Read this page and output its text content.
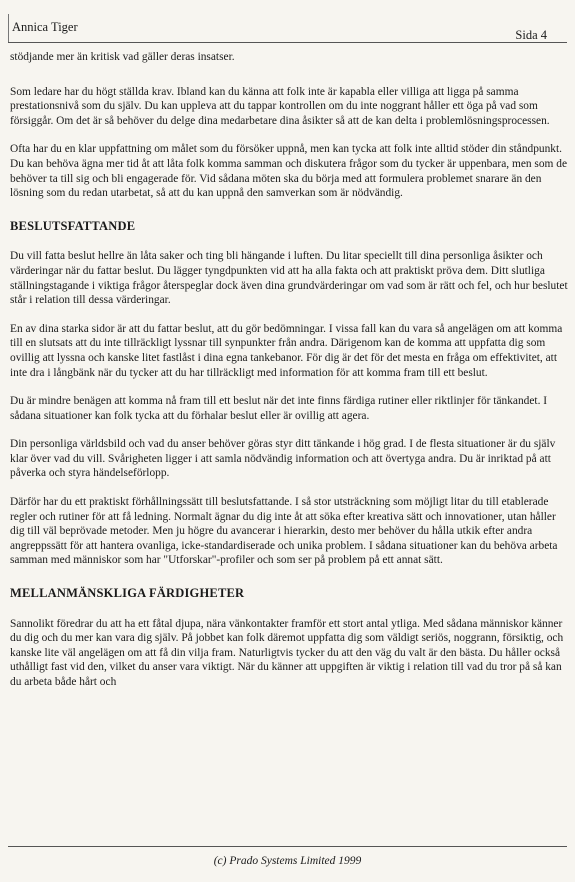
Annica Tiger
Sida 4

stödjande mer än kritisk vad gäller deras insatser.

Som ledare har du högt ställda krav. Ibland kan du känna att folk inte är kapabla eller villiga att ligga på samma prestationsnivå som du själv. Du kan uppleva att du tappar kontrollen om du inte noggrant håller ett öga på vad som försiggår. Om det är så behöver du delge dina medarbetare dina åsikter så att de kan delta i problemlösningsprocessen.

Ofta har du en klar uppfattning om målet som du försöker uppnå, men kan tycka att folk inte alltid stöder din ståndpunkt. Du kan behöva ägna mer tid åt att låta folk komma samman och diskutera frågor som du tycker är uppenbara, men som de behöver ta till sig och bli engagerade för. Vid sådana möten ska du börja med att formulera problemet snarare än den lösning som du redan utarbetat, så att du kan uppnå den samverkan som är nödvändig.

BESLUTSFATTANDE

Du vill fatta beslut hellre än låta saker och ting bli hängande i luften. Du litar speciellt till dina personliga åsikter och värderingar när du fattar beslut. Du lägger tyngdpunkten vid att ha alla fakta och att praktiskt pröva dem. Ditt slutliga ställningstagande i viktiga frågor återspeglar dock även dina grundvärderingar om vad som är rätt och fel, och hur beslutet står i relation till dessa värderingar.

En av dina starka sidor är att du fattar beslut, att du gör bedömningar. I vissa fall kan du vara så angelägen om att komma till en slutsats att du inte tillräckligt lyssnar till synpunkter från andra. Därigenom kan de komma att uppfatta dig som ovillig att lyssna och kanske litet fastlåst i dina egna tankebanor. För dig är det för det mesta en fråga om effektivitet, att inte dra i långbänk när du tycker att du har tillräckligt med information för att komma fram till ett beslut.

Du är mindre benägen att komma nå fram till ett beslut när det inte finns färdiga rutiner eller riktlinjer för tänkandet. I sådana situationer kan folk tycka att du förhalar beslut eller är ovillig att agera.

Din personliga världsbild och vad du anser behöver göras styr ditt tänkande i hög grad. I de flesta situationer är du själv klar över vad du vill. Svårigheten ligger i att samla nödvändig information och att övertyga andra. Du är inriktad på att påverka och styra händelseförlopp.

Därför har du ett praktiskt förhållningssätt till beslutsfattande. I så stor utsträckning som möjligt litar du till etablerade regler och rutiner för att få ledning. Normalt ägnar du dig inte åt att söka efter kreativa sätt och innovationer, utan håller dig till väl beprövade metoder. Men ju högre du avancerar i hierarkin, desto mer behöver du hålla utkik efter andra angreppssätt för att hantera ovanliga, icke-standardiserade och unika problem. I sådana situationer kan du behöva arbeta samman med människor som har "Utforskar"-profiler och som ser på problem på ett annat sätt.

MELLANMÄNSKLIGA FÄRDIGHETER

Sannolikt föredrar du att ha ett fåtal djupa, nära vänkontakter framför ett stort antal ytliga. Med sådana människor känner du dig och du mer kan vara dig själv. På jobbet kan folk däremot uppfatta dig som väldigt seriös, noggrann, försiktig, och kanske lite väl angelägen om att få din vilja fram. Naturligtvis tycker du att den väg du valt är den bästa. Du håller också uthålligt fast vid den, vilket du anser vara viktigt. När du känner att uppgiften är viktig i relation till vad du tror på så kan du arbeta både hårt och

(c) Prado Systems Limited 1999
